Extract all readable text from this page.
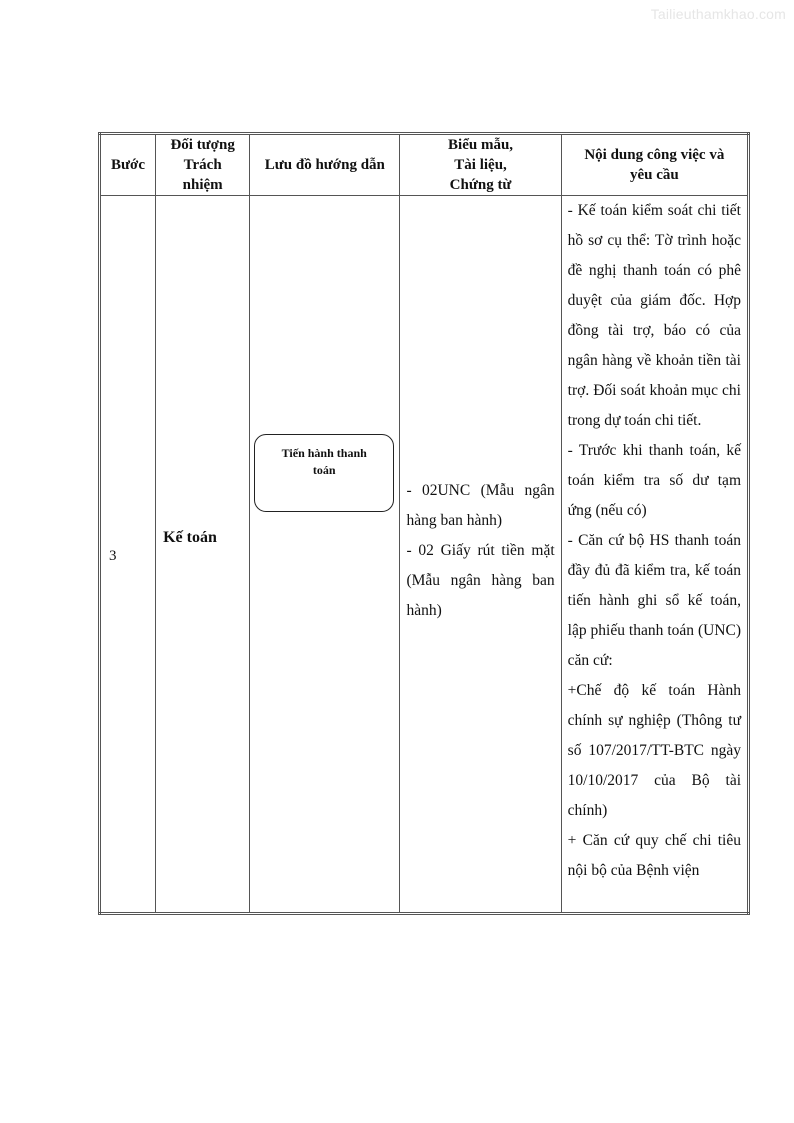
Tailieuthamkhao.com
Bước	Đối tượng
Trách
nhiệm	Lưu đồ hướng dẫn	Biểu mẫu,
Tài liệu,
Chứng từ	Nội dung công việc và
yêu cầu

3	Kế toán	Tiến hành thanh
toán	- 02UNC (Mẫu ngân hàng ban hành)
- 02 Giấy rút tiền mặt (Mẫu ngân hàng ban hành)	- Kế toán kiểm soát chi tiết hồ sơ cụ thể: Tờ trình hoặc đề nghị thanh toán có phê duyệt của giám đốc. Hợp đồng tài trợ, báo có của ngân hàng về khoản tiền tài trợ. Đối soát khoản mục chi trong dự toán chi tiết.
- Trước khi thanh toán, kế toán kiểm tra số dư tạm ứng (nếu có)
- Căn cứ bộ HS thanh toán đầy đủ đã kiểm tra, kế toán tiến hành ghi sổ kế toán, lập phiếu thanh toán (UNC) căn cứ:
+Chế độ kế toán Hành chính sự nghiệp (Thông tư số 107/2017/TT-BTC ngày 10/10/2017 của Bộ tài chính)
+ Căn cứ quy chế chi tiêu nội bộ của Bệnh viện
